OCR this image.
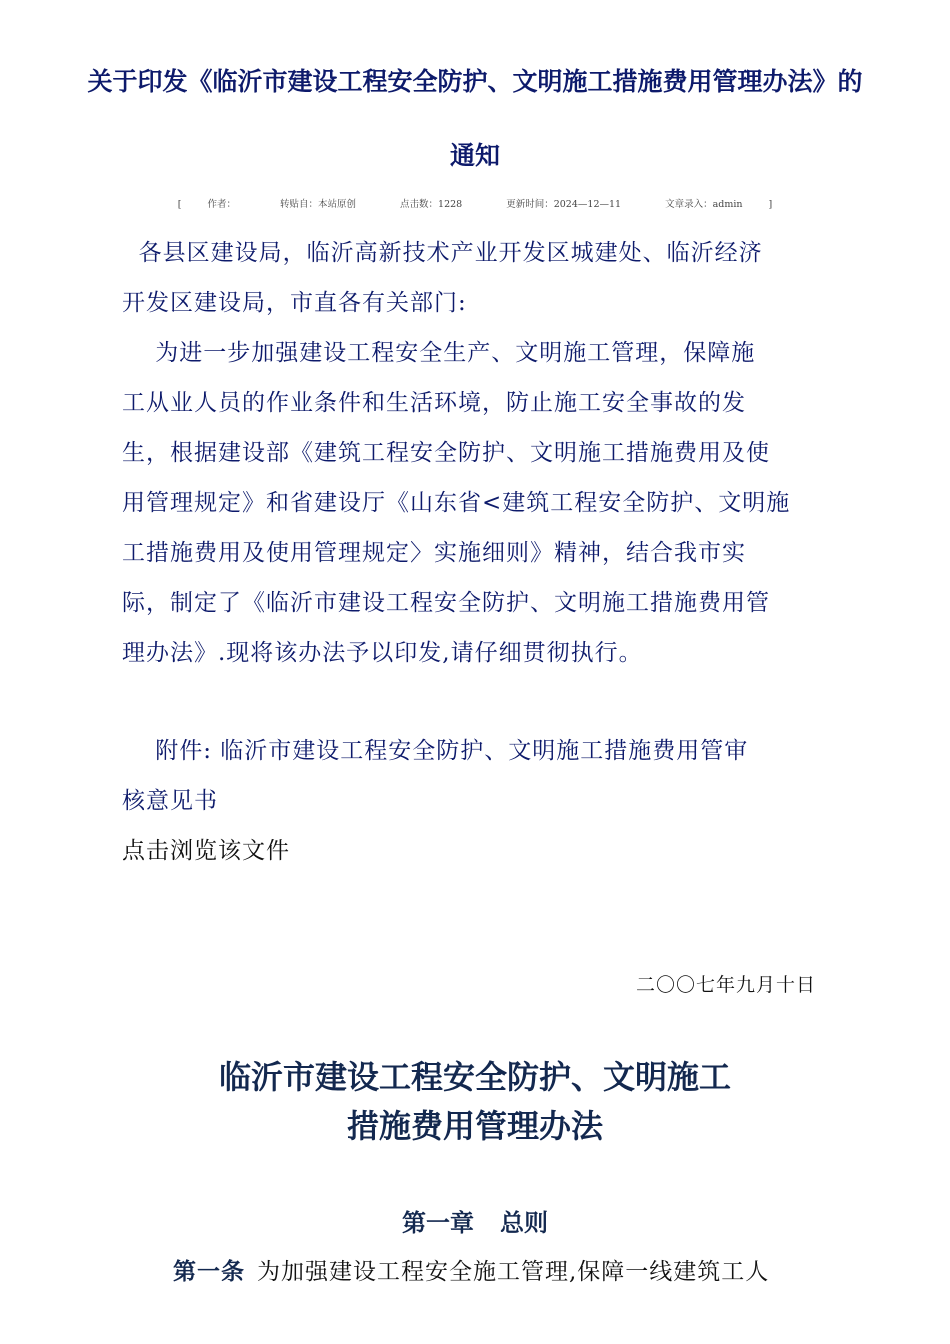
关于印发《临沂市建设工程安全防护、文明施工措施费用管理办法》的
通知
[	作者：	转贴自：本站原创	点击数：1228	更新时间：2024—12—11	文章录入：admin	]
各县区建设局，临沂高新技术产业开发区城建处、临沂经济
开发区建设局，市直各有关部门:
为进一步加强建设工程安全生产、文明施工管理，保障施
工从业人员的作业条件和生活环境，防止施工安全事故的发
生，根据建设部《建筑工程安全防护、文明施工措施费用及使
用管理规定》和省建设厅《山东省<建筑工程安全防护、文明施
工措施费用及使用管理规定〉实施细则》精神，结合我市实
际，制定了《临沂市建设工程安全防护、文明施工措施费用管
理办法》.现将该办法予以印发,请仔细贯彻执行。
附件: 临沂市建设工程安全防护、文明施工措施费用管审
核意见书
点击浏览该文件
二〇〇七年九月十日
临沂市建设工程安全防护、文明施工
措施费用管理办法
第一章 总则
第一条 为加强建设工程安全施工管理,保障一线建筑工人
